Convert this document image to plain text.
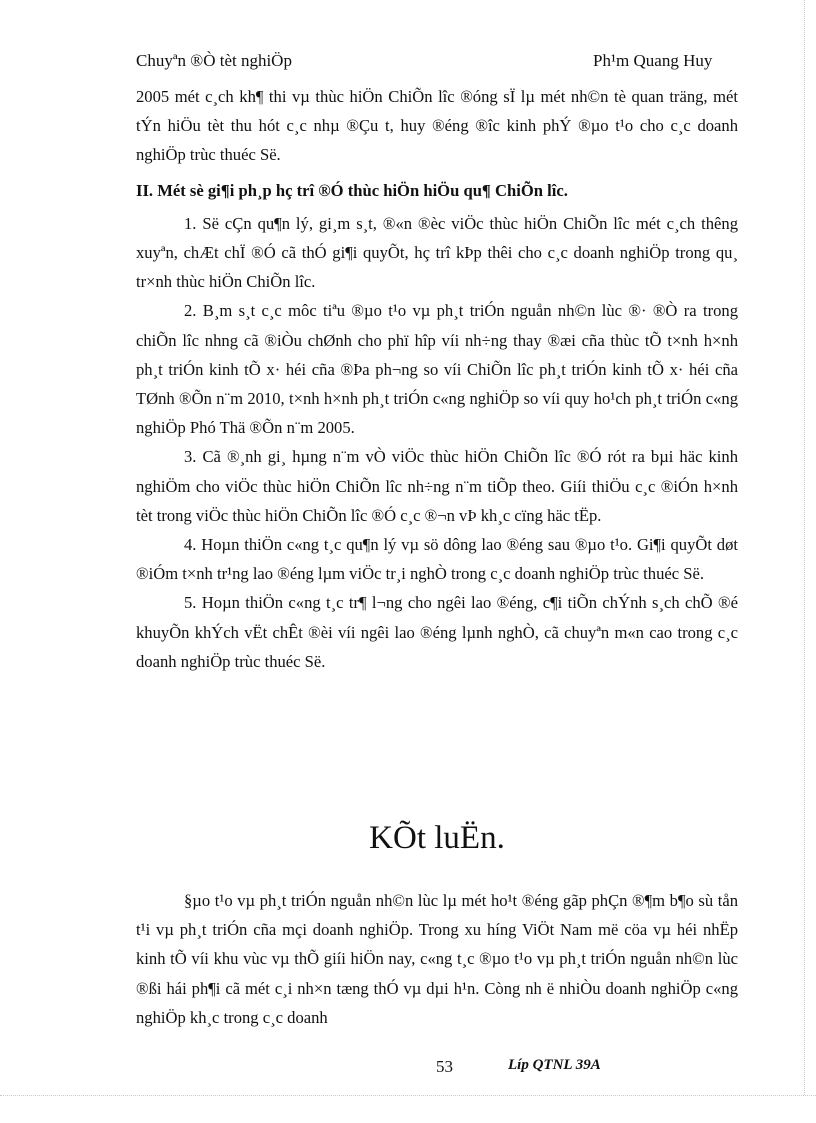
Chuyªn ®Ò tèt nghiÖp	Ph¹m Quang Huy

2005 mét c¸ch kh¶ thi vµ thùc hiÖn ChiÕn lîc ®óng sÏ lµ mét nh©n tè quan träng, mét tÝn hiÖu tèt thu hót c¸c nhµ ®Çu t, huy ®éng ®îc kinh phÝ ®µo t¹o cho c¸c doanh nghiÖp trùc thuéc Së.

II. Mét sè gi¶i ph¸p hç trî ®Ó thùc hiÖn hiÖu qu¶ ChiÕn lîc.

1. Së cÇn qu¶n lý, gi¸m s¸t, ®«n ®èc viÖc thùc hiÖn ChiÕn lîc mét c¸ch thêng xuyªn, chÆt chÏ ®Ó cã thÓ gi¶i quyÕt, hç trî kÞp thêi cho c¸c doanh nghiÖp trong qu¸ tr×nh thùc hiÖn ChiÕn lîc.

2. B¸m s¸t c¸c môc tiªu ®µo t¹o vµ ph¸t triÓn nguån nh©n lùc ®· ®Ò ra trong chiÕn lîc nhng cã ®iÒu chØnh cho phï hîp víi nh÷ng thay ®æi cña thùc tÕ t×nh h×nh ph¸t triÓn kinh tÕ x· héi cña ®Þa ph¬ng so víi ChiÕn lîc ph¸t triÓn kinh tÕ x· héi cña TØnh ®Õn n¨m 2010, t×nh h×nh ph¸t triÓn c«ng nghiÖp so víi quy ho¹ch ph¸t triÓn c«ng nghiÖp Phó Thä ®Õn n¨m 2005.

3. Cã ®¸nh gi¸ hµng n¨m vÒ viÖc thùc hiÖn ChiÕn lîc ®Ó rót ra bµi häc kinh nghiÖm cho viÖc thùc hiÖn ChiÕn lîc nh÷ng n¨m tiÕp theo. Giíi thiÖu c¸c ®iÓn h×nh tèt trong viÖc thùc hiÖn ChiÕn lîc ®Ó c¸c ®¬n vÞ kh¸c cïng häc tËp.

4. Hoµn thiÖn c«ng t¸c qu¶n lý vµ sö dông lao ®éng sau ®µo t¹o. Gi¶i quyÕt døt ®iÓm t×nh tr¹ng lao ®éng lµm viÖc tr¸i nghÒ trong c¸c doanh nghiÖp trùc thuéc Së.

5. Hoµn thiÖn c«ng t¸c tr¶ l¬ng cho ngêi lao ®éng, c¶i tiÕn chÝnh s¸ch chÕ ®é khuyÕn khÝch vËt chÊt ®èi víi ngêi lao ®éng lµnh nghÒ, cã chuyªn m«n cao trong c¸c doanh nghiÖp trùc thuéc Së.

KÕt luËn.

§µo t¹o vµ ph¸t triÓn nguån nh©n lùc lµ mét ho¹t ®éng gãp phÇn ®¶m b¶o sù tån t¹i vµ ph¸t triÓn cña mçi doanh nghiÖp. Trong xu híng ViÖt Nam më cöa vµ héi nhËp kinh tÕ víi khu vùc vµ thÕ giíi hiÖn nay, c«ng t¸c ®µo t¹o vµ ph¸t triÓn nguån nh©n lùc ®ßi hái ph¶i cã mét c¸i nh×n tæng thÓ vµ dµi h¹n. Còng nh ë nhiÒu doanh nghiÖp c«ng nghiÖp kh¸c trong c¸c doanh

53	Líp QTNL 39A
